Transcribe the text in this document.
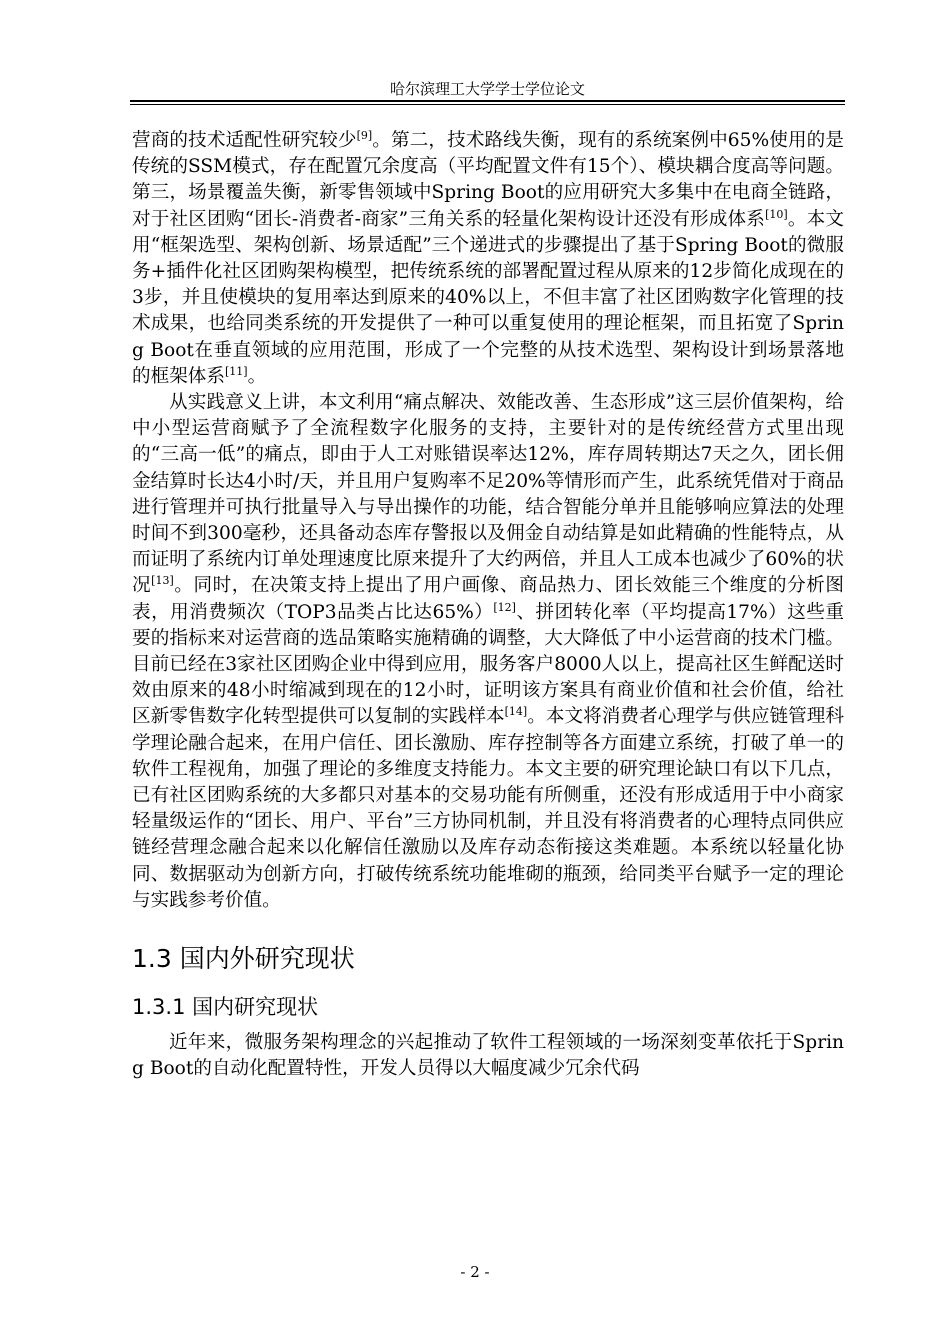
哈尔滨理工大学学士学位论文

营商的技术适配性研究较少[9]。第二，技术路线失衡，现有的系统案例中65%使用的是传统的SSM模式，存在配置冗余度高（平均配置文件有15个）、模块耦合度高等问题。第三，场景覆盖失衡，新零售领域中Spring Boot的应用研究大多集中在电商全链路，对于社区团购“团长-消费者-商家”三角关系的轻量化架构设计还没有形成体系[10]。本文用“框架选型、架构创新、场景适配”三个递进式的步骤提出了基于Spring Boot的微服务+插件化社区团购架构模型，把传统系统的部署配置过程从原来的12步简化成现在的3步，并且使模块的复用率达到原来的40%以上，不但丰富了社区团购数字化管理的技术成果，也给同类系统的开发提供了一种可以重复使用的理论框架，而且拓宽了Spring Boot在垂直领域的应用范围，形成了一个完整的从技术选型、架构设计到场景落地的框架体系[11]。

从实践意义上讲，本文利用“痛点解决、效能改善、生态形成”这三层价值架构，给中小型运营商赋予了全流程数字化服务的支持，主要针对的是传统经营方式里出现的“三高一低”的痛点，即由于人工对账错误率达12%，库存周转期达7天之久，团长佣金结算时长达4小时/天，并且用户复购率不足20%等情形而产生，此系统凭借对于商品进行管理并可执行批量导入与导出操作的功能，结合智能分单并且能够响应算法的处理时间不到300毫秒，还具备动态库存警报以及佣金自动结算是如此精确的性能特点，从而证明了系统内订单处理速度比原来提升了大约两倍，并且人工成本也减少了60%的状况[13]。同时，在决策支持上提出了用户画像、商品热力、团长效能三个维度的分析图表，用消费频次（TOP3品类占比达65%）[12]、拼团转化率（平均提高17%）这些重要的指标来对运营商的选品策略实施精确的调整，大大降低了中小运营商的技术门槛。目前已经在3家社区团购企业中得到应用，服务客户8000人以上，提高社区生鲜配送时效由原来的48小时缩减到现在的12小时，证明该方案具有商业价值和社会价值，给社区新零售数字化转型提供可以复制的实践样本[14]。本文将消费者心理学与供应链管理科学理论融合起来，在用户信任、团长激励、库存控制等各方面建立系统，打破了单一的软件工程视角，加强了理论的多维度支持能力。本文主要的研究理论缺口有以下几点，已有社区团购系统的大多都只对基本的交易功能有所侧重，还没有形成适用于中小商家轻量级运作的“团长、用户、平台”三方协同机制，并且没有将消费者的心理特点同供应链经营理念融合起来以化解信任激励以及库存动态衔接这类难题。本系统以轻量化协同、数据驱动为创新方向，打破传统系统功能堆砌的瓶颈，给同类平台赋予一定的理论与实践参考价值。

1.3 国内外研究现状
1.3.1 国内研究现状

近年来，微服务架构理念的兴起推动了软件工程领域的一场深刻变革依托于Spring Boot的自动化配置特性，开发人员得以大幅度减少冗余代码

- 2 -
